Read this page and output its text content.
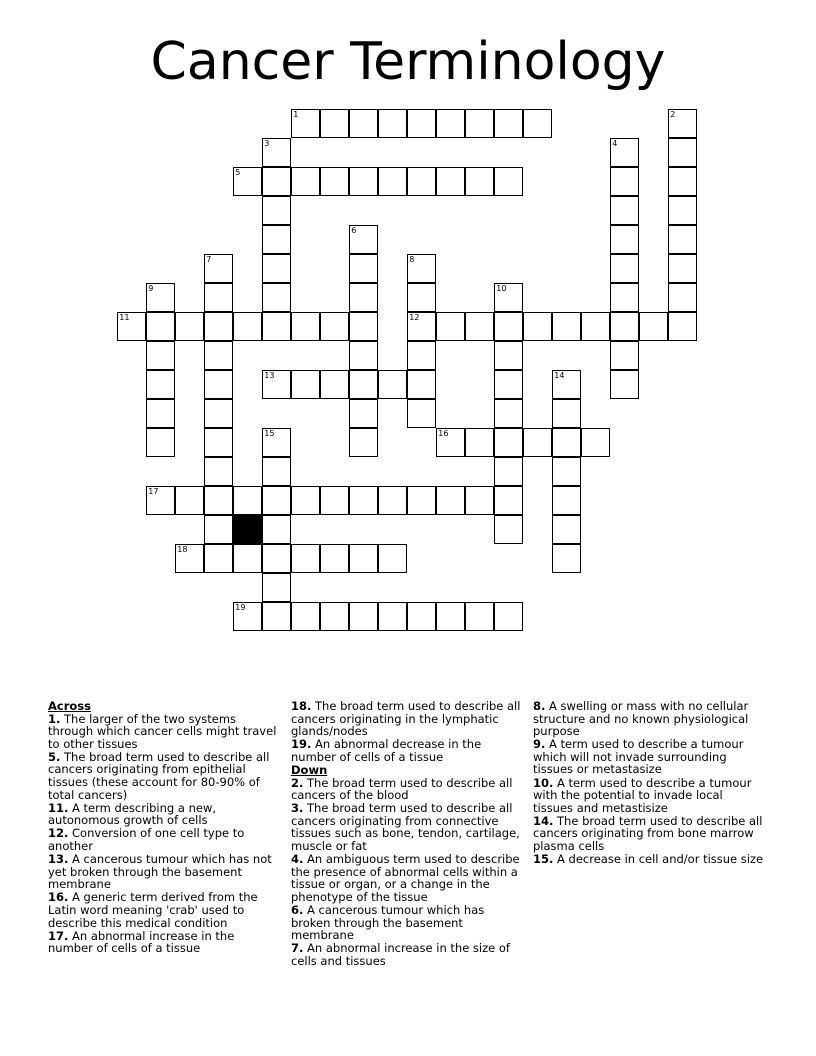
Cancer Terminology
1	2
3	4
5
6
7	8
9	10
11	12
13	14
15	16
17
18
19
Across
1. The larger of the two systems through which cancer cells might travel to other tissues
5. The broad term used to describe all cancers originating from epithelial tissues (these account for 80-90% of total cancers)
11. A term describing a new, autonomous growth of cells
12. Conversion of one cell type to another
13. A cancerous tumour which has not yet broken through the basement membrane
16. A generic term derived from the Latin word meaning 'crab' used to describe this medical condition
17. An abnormal increase in the number of cells of a tissue
18. The broad term used to describe all cancers originating in the lymphatic glands/nodes
19. An abnormal decrease in the number of cells of a tissue
Down
2. The broad term used to describe all cancers of the blood
3. The broad term used to describe all cancers originating from connective tissues such as bone, tendon, cartilage, muscle or fat
4. An ambiguous term used to describe the presence of abnormal cells within a tissue or organ, or a change in the phenotype of the tissue
6. A cancerous tumour which has broken through the basement membrane
7. An abnormal increase in the size of cells and tissues
8. A swelling or mass with no cellular structure and no known physiological purpose
9. A term used to describe a tumour which will not invade surrounding tissues or metastasize
10. A term used to describe a tumour with the potential to invade local tissues and metastisize
14. The broad term used to describe all cancers originating from bone marrow plasma cells
15. A decrease in cell and/or tissue size
